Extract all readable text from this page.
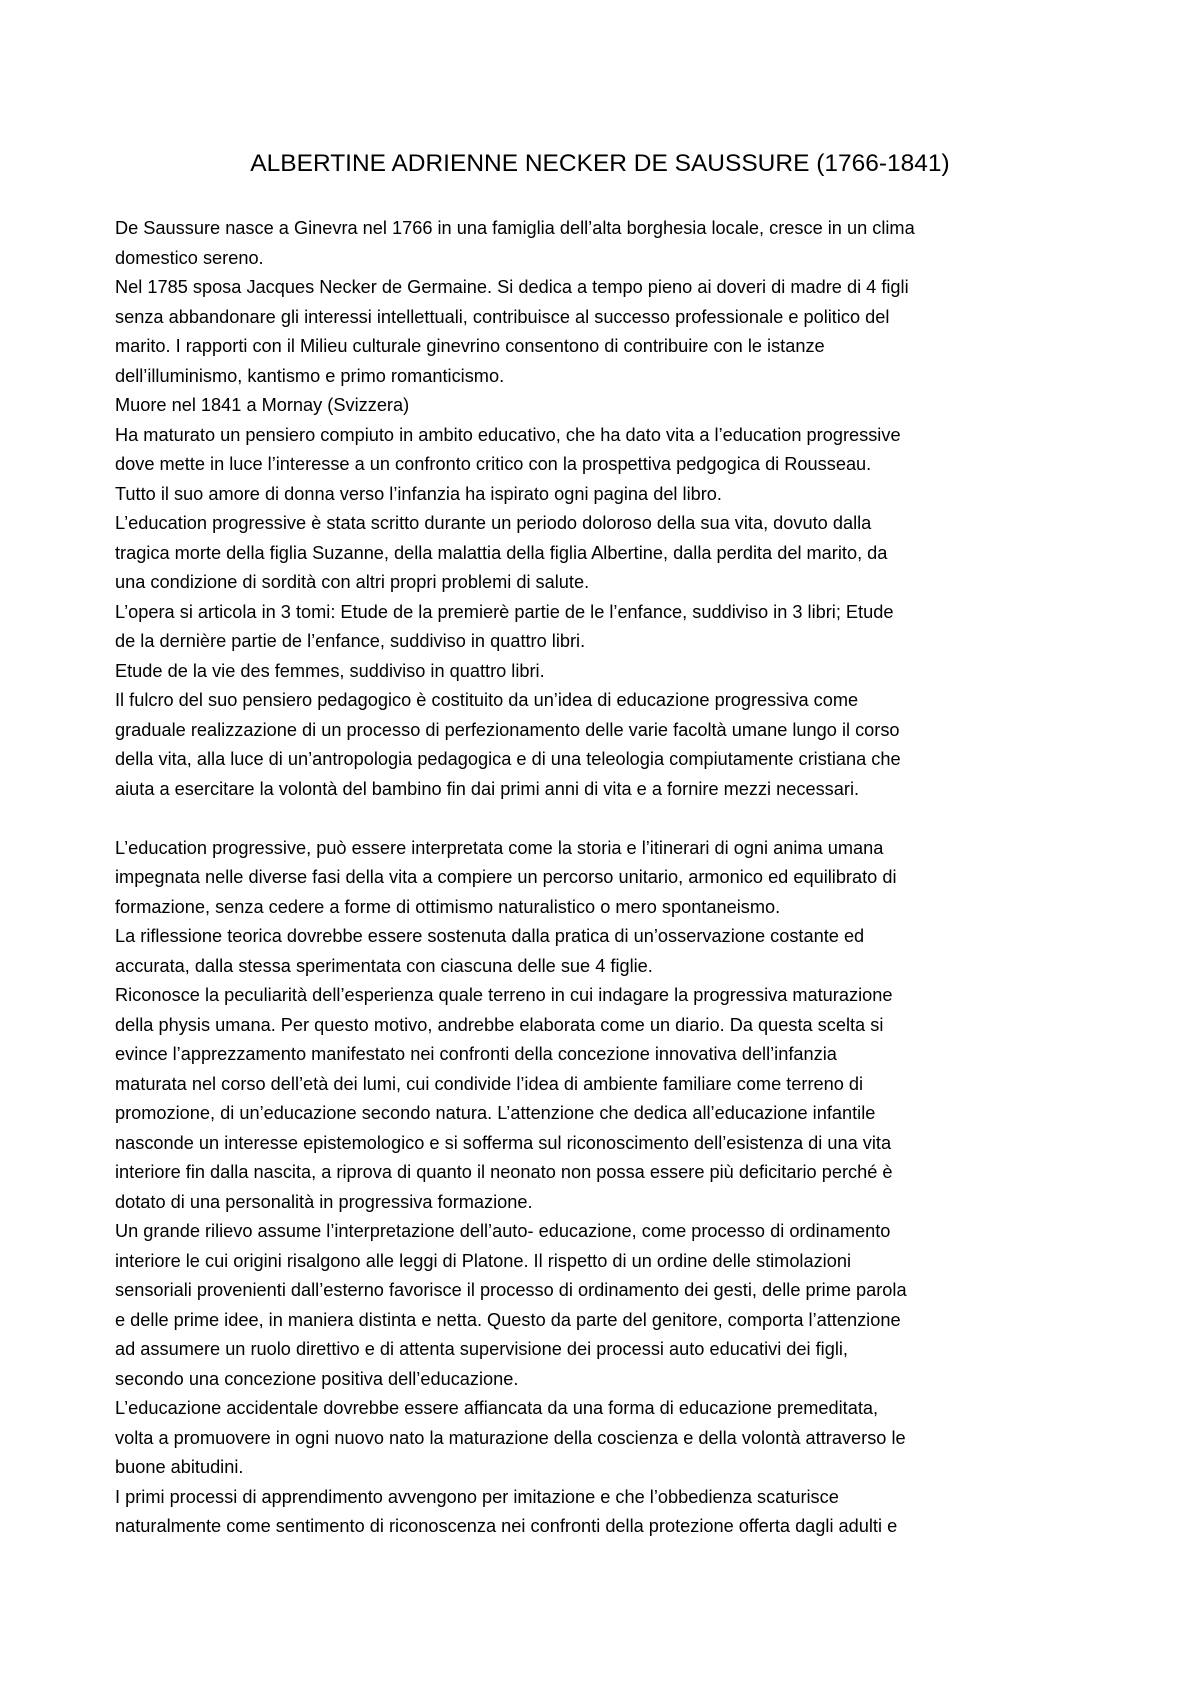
ALBERTINE ADRIENNE NECKER DE SAUSSURE (1766-1841)
De Saussure nasce a Ginevra nel 1766 in una famiglia dell’alta borghesia locale, cresce in un clima
domestico sereno.
Nel 1785 sposa Jacques Necker de Germaine. Si dedica a tempo pieno ai doveri di madre di 4 figli
senza abbandonare gli interessi intellettuali, contribuisce al successo professionale e politico del
marito. I rapporti con il Milieu culturale ginevrino consentono di contribuire con le istanze
dell’illuminismo, kantismo e primo romanticismo.
Muore nel 1841 a Mornay (Svizzera)
Ha maturato un pensiero compiuto in ambito educativo, che ha dato vita a l’education progressive
dove mette in luce l’interesse a un confronto critico con la prospettiva pedgogica di Rousseau.
Tutto il suo amore di donna verso l’infanzia ha ispirato ogni pagina del libro.
L’education progressive è stata scritto durante un periodo doloroso della sua vita, dovuto dalla
tragica morte della figlia Suzanne, della malattia della figlia Albertine, dalla perdita del marito, da
una condizione di sordità con altri propri problemi di salute.
L’opera si articola in 3 tomi: Etude de la premierè partie de le l’enfance, suddiviso in 3 libri; Etude
de la dernière partie de l’enfance, suddiviso in quattro libri.
Etude de la vie des femmes, suddiviso in quattro libri.
Il fulcro del suo pensiero pedagogico è costituito da un’idea di educazione progressiva come
graduale realizzazione di un processo di perfezionamento delle varie facoltà umane lungo il corso
della vita, alla luce di un’antropologia pedagogica e di una teleologia compiutamente cristiana che
aiuta a esercitare la volontà del bambino fin dai primi anni di vita e a fornire mezzi necessari.
L’education progressive, può essere interpretata come la storia e l’itinerari di ogni anima umana
impegnata nelle diverse fasi della vita a compiere un percorso unitario, armonico ed equilibrato di
formazione, senza cedere a forme di ottimismo naturalistico o mero spontaneismo.
La riflessione teorica dovrebbe essere sostenuta dalla pratica di un’osservazione costante ed
accurata, dalla stessa sperimentata con ciascuna delle sue 4 figlie.
Riconosce la peculiarità dell’esperienza quale terreno in cui indagare la progressiva maturazione
della physis umana. Per questo motivo, andrebbe elaborata come un diario. Da questa scelta si
evince l’apprezzamento manifestato nei confronti della concezione innovativa dell’infanzia
maturata nel corso dell’età dei lumi, cui condivide l’idea di ambiente familiare come terreno di
promozione, di un’educazione secondo natura. L’attenzione che dedica all’educazione infantile
nasconde un interesse epistemologico e si sofferma sul riconoscimento dell’esistenza di una vita
interiore fin dalla nascita, a riprova di quanto il neonato non possa essere più deficitario perché è
dotato di una personalità in progressiva formazione.
Un grande rilievo assume l’interpretazione dell’auto- educazione, come processo di ordinamento
interiore le cui origini risalgono alle leggi di Platone. Il rispetto di un ordine delle stimolazioni
sensoriali provenienti dall’esterno favorisce il processo di ordinamento dei gesti, delle prime parola
e delle prime idee, in maniera distinta e netta. Questo da parte del genitore, comporta l’attenzione
ad assumere un ruolo direttivo e di attenta supervisione dei processi auto educativi dei figli,
secondo una concezione positiva dell’educazione.
L’educazione accidentale dovrebbe essere affiancata da una forma di educazione premeditata,
volta a promuovere in ogni nuovo nato la maturazione della coscienza e della volontà attraverso le
buone abitudini.
I primi processi di apprendimento avvengono per imitazione e che l’obbedienza scaturisce
naturalmente come sentimento di riconoscenza nei confronti della protezione offerta dagli adulti e
